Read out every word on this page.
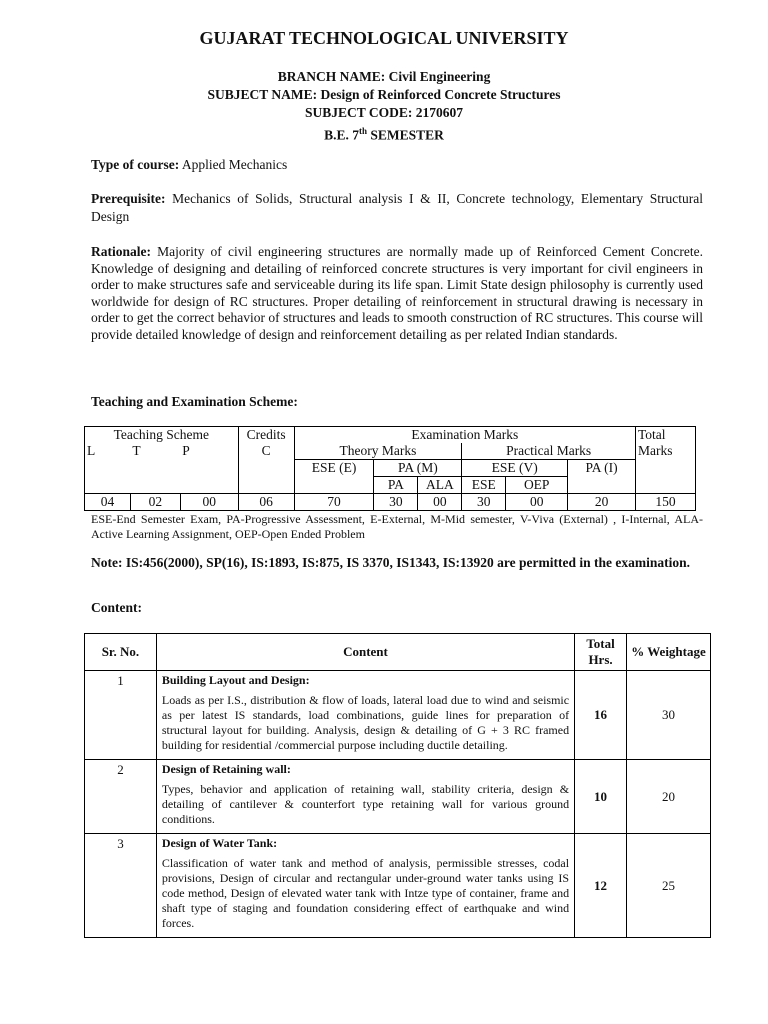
GUJARAT TECHNOLOGICAL UNIVERSITY
BRANCH NAME: Civil Engineering
SUBJECT NAME: Design of Reinforced Concrete Structures
SUBJECT CODE: 2170607
B.E. 7th SEMESTER
Type of course: Applied Mechanics
Prerequisite: Mechanics of Solids, Structural analysis I & II, Concrete technology, Elementary Structural Design
Rationale: Majority of civil engineering structures are normally made up of Reinforced Cement Concrete. Knowledge of designing and detailing of reinforced concrete structures is very important for civil engineers in order to make structures safe and serviceable during its life span. Limit State design philosophy is currently used worldwide for design of RC structures. Proper detailing of reinforcement in structural drawing is necessary in order to get the correct behavior of structures and leads to smooth construction of RC structures. This course will provide detailed knowledge of design and reinforcement detailing as per related Indian standards.
Teaching and Examination Scheme:
Teaching Scheme			Credits	Examination Marks						Total Marks
L	T	P	C	Theory Marks			Practical Marks			
				ESE (E)	PA (M)		ESE (V)		PA (I)	
					PA	ALA	ESE	OEP		
04	02	00	06	70	30	00	30	00	20	150
ESE-End Semester Exam, PA-Progressive Assessment, E-External, M-Mid semester, V-Viva (External) , I-Internal, ALA-Active Learning Assignment, OEP-Open Ended Problem
Note: IS:456(2000), SP(16), IS:1893, IS:875, IS 3370, IS1343, IS:13920 are permitted in the examination.
Content:
Sr. No.	Content	Total Hrs.	% Weightage
1	Building Layout and Design:
Loads as per I.S., distribution & flow of loads, lateral load due to wind and seismic as per latest IS standards, load combinations, guide lines for preparation of structural layout for building. Analysis, design & detailing of G + 3 RC framed building for residential /commercial purpose including ductile detailing.	16	30
2	Design of Retaining wall:
Types, behavior and application of retaining wall, stability criteria, design & detailing of cantilever & counterfort type retaining wall for various ground conditions.	10	20
3	Design of Water Tank:
Classification of water tank and method of analysis, permissible stresses, codal provisions, Design of circular and rectangular under-ground water tanks using IS code method, Design of elevated water tank with Intze type of container, frame and shaft type of staging and foundation considering effect of earthquake and wind forces.	12	25
